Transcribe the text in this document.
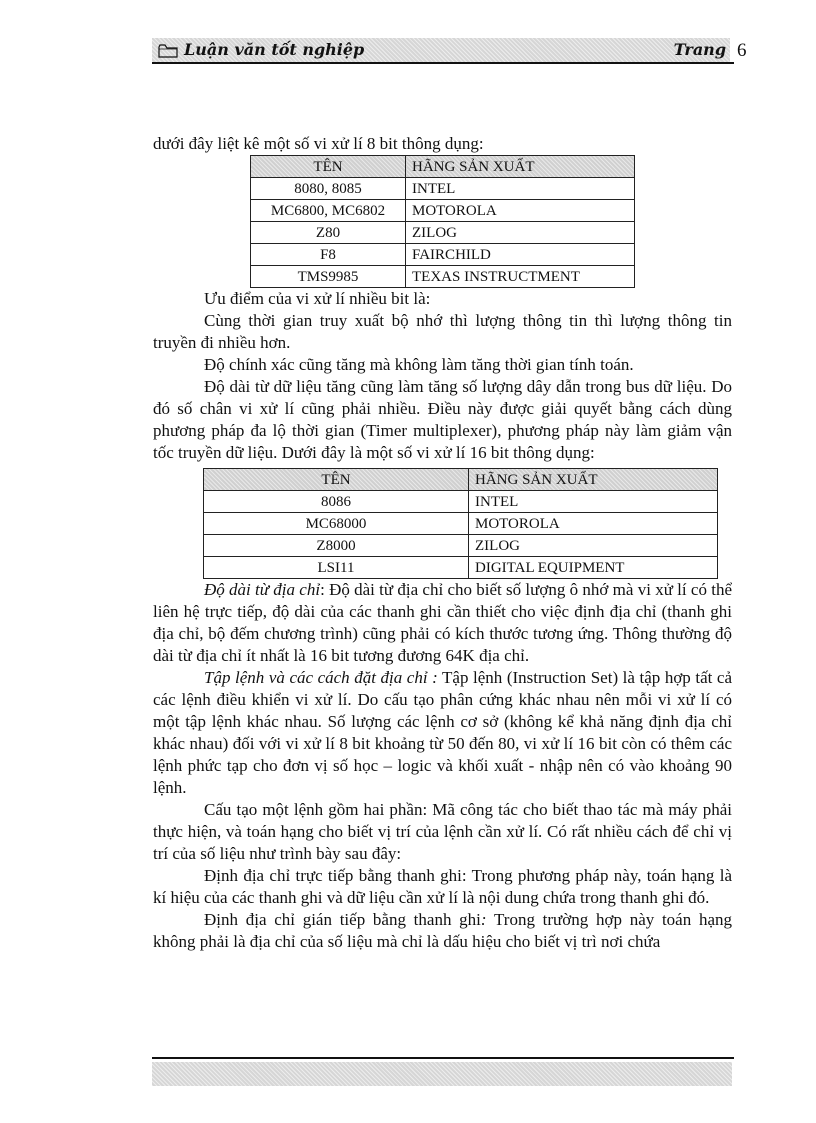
Luận văn tốt nghiệp	Trang 6

dưới đây liệt kê một số vi xử lí 8 bit thông dụng:

TÊN	HÃNG SẢN XUẤT
8080, 8085	INTEL
MC6800, MC6802	MOTOROLA
Z80	ZILOG
F8	FAIRCHILD
TMS9985	TEXAS INSTRUCTMENT

Ưu điểm của vi xử lí nhiều bit là:

Cùng thời gian truy xuất bộ nhớ thì lượng thông tin thì lượng thông tin truyền đi nhiều hơn.

Độ chính xác cũng tăng mà không làm tăng thời gian tính toán.

Độ dài từ dữ liệu tăng cũng làm tăng số lượng dây dẫn trong bus dữ liệu. Do đó số chân vi xử lí cũng phải nhiều. Điều này được giải quyết bằng cách dùng phương pháp đa lộ thời gian (Timer multiplexer), phương pháp này làm giảm vận tốc truyền dữ liệu. Dưới đây là một số vi xử lí 16 bit thông dụng:

TÊN	HÃNG SẢN XUẤT
8086	INTEL
MC68000	MOTOROLA
Z8000	ZILOG
LSI11	DIGITAL EQUIPMENT

Độ dài từ địa chỉ: Độ dài từ địa chỉ cho biết số lượng ô nhớ mà vi xử lí có thể liên hệ trực tiếp, độ dài của các thanh ghi cần thiết cho việc định địa chỉ (thanh ghi địa chỉ, bộ đếm chương trình) cũng phải có kích thước tương ứng. Thông thường độ dài từ địa chỉ ít nhất là 16 bit tương đương 64K địa chỉ.

Tập lệnh và các cách đặt địa chỉ : Tập lệnh (Instruction Set) là tập hợp tất cả các lệnh điều khiển vi xử lí. Do cấu tạo phân cứng khác nhau nên mỗi vi xử lí có một tập lệnh khác nhau. Số lượng các lệnh cơ sở (không kể khả năng định địa chỉ khác nhau) đối với vi xử lí 8 bit khoảng từ 50 đến 80, vi xử lí 16 bit còn có thêm các lệnh phức tạp cho đơn vị số học – logic và khối xuất - nhập nên có vào khoảng 90 lệnh.

Cấu tạo một lệnh gồm hai phần: Mã công tác cho biết thao tác mà máy phải thực hiện, và toán hạng cho biết vị trí của lệnh cần xử lí. Có rất nhiều cách để chỉ vị trí của số liệu như trình bày sau đây:

Định địa chỉ trực tiếp bằng thanh ghi: Trong phương pháp này, toán hạng là kí hiệu của các thanh ghi và dữ liệu cần xử lí là nội dung chứa trong thanh ghi đó.

Định địa chỉ gián tiếp bằng thanh ghi: Trong trường hợp này toán hạng không phải là địa chỉ của số liệu mà chỉ là dấu hiệu cho biết vị trì nơi chứa
